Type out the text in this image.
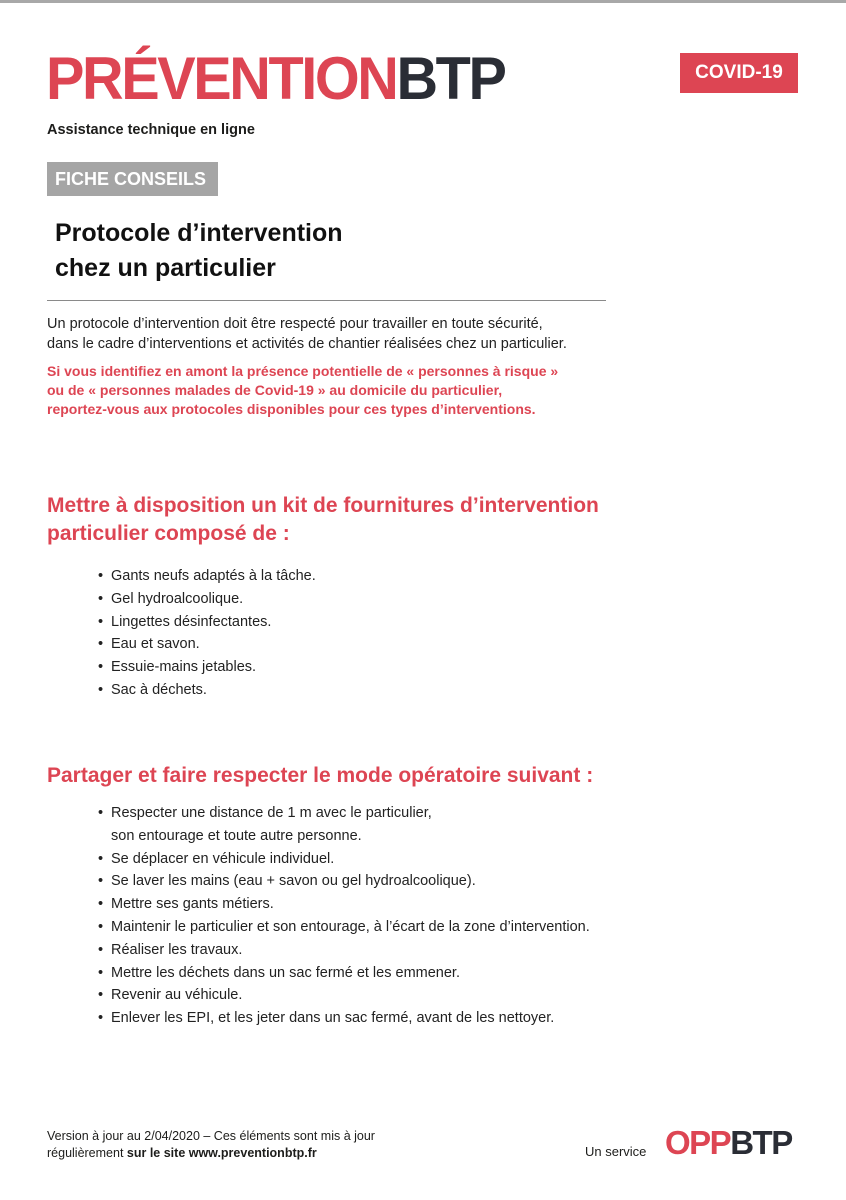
PRÉVENTIONBTP	COVID-19
Assistance technique en ligne
FICHE CONSEILS
Protocole d’intervention
chez un particulier
Un protocole d’intervention doit être respecté pour travailler en toute sécurité,
dans le cadre d’interventions et activités de chantier réalisées chez un particulier.
Si vous identifiez en amont la présence potentielle de « personnes à risque »
ou de « personnes malades de Covid-19 » au domicile du particulier,
reportez-vous aux protocoles disponibles pour ces types d’interventions.
Mettre à disposition un kit de fournitures d’intervention
particulier composé de :
• Gants neufs adaptés à la tâche.
• Gel hydroalcoolique.
• Lingettes désinfectantes.
• Eau et savon.
• Essuie-mains jetables.
• Sac à déchets.
Partager et faire respecter le mode opératoire suivant :
• Respecter une distance de 1 m avec le particulier,
son entourage et toute autre personne.
• Se déplacer en véhicule individuel.
• Se laver les mains (eau + savon ou gel hydroalcoolique).
• Mettre ses gants métiers.
• Maintenir le particulier et son entourage, à l’écart de la zone d’intervention.
• Réaliser les travaux.
• Mettre les déchets dans un sac fermé et les emmener.
• Revenir au véhicule.
• Enlever les EPI, et les jeter dans un sac fermé, avant de les nettoyer.
Version à jour au 2/04/2020 – Ces éléments sont mis à jour
régulièrement sur le site www.preventionbtp.fr	Un service OPPBTP
